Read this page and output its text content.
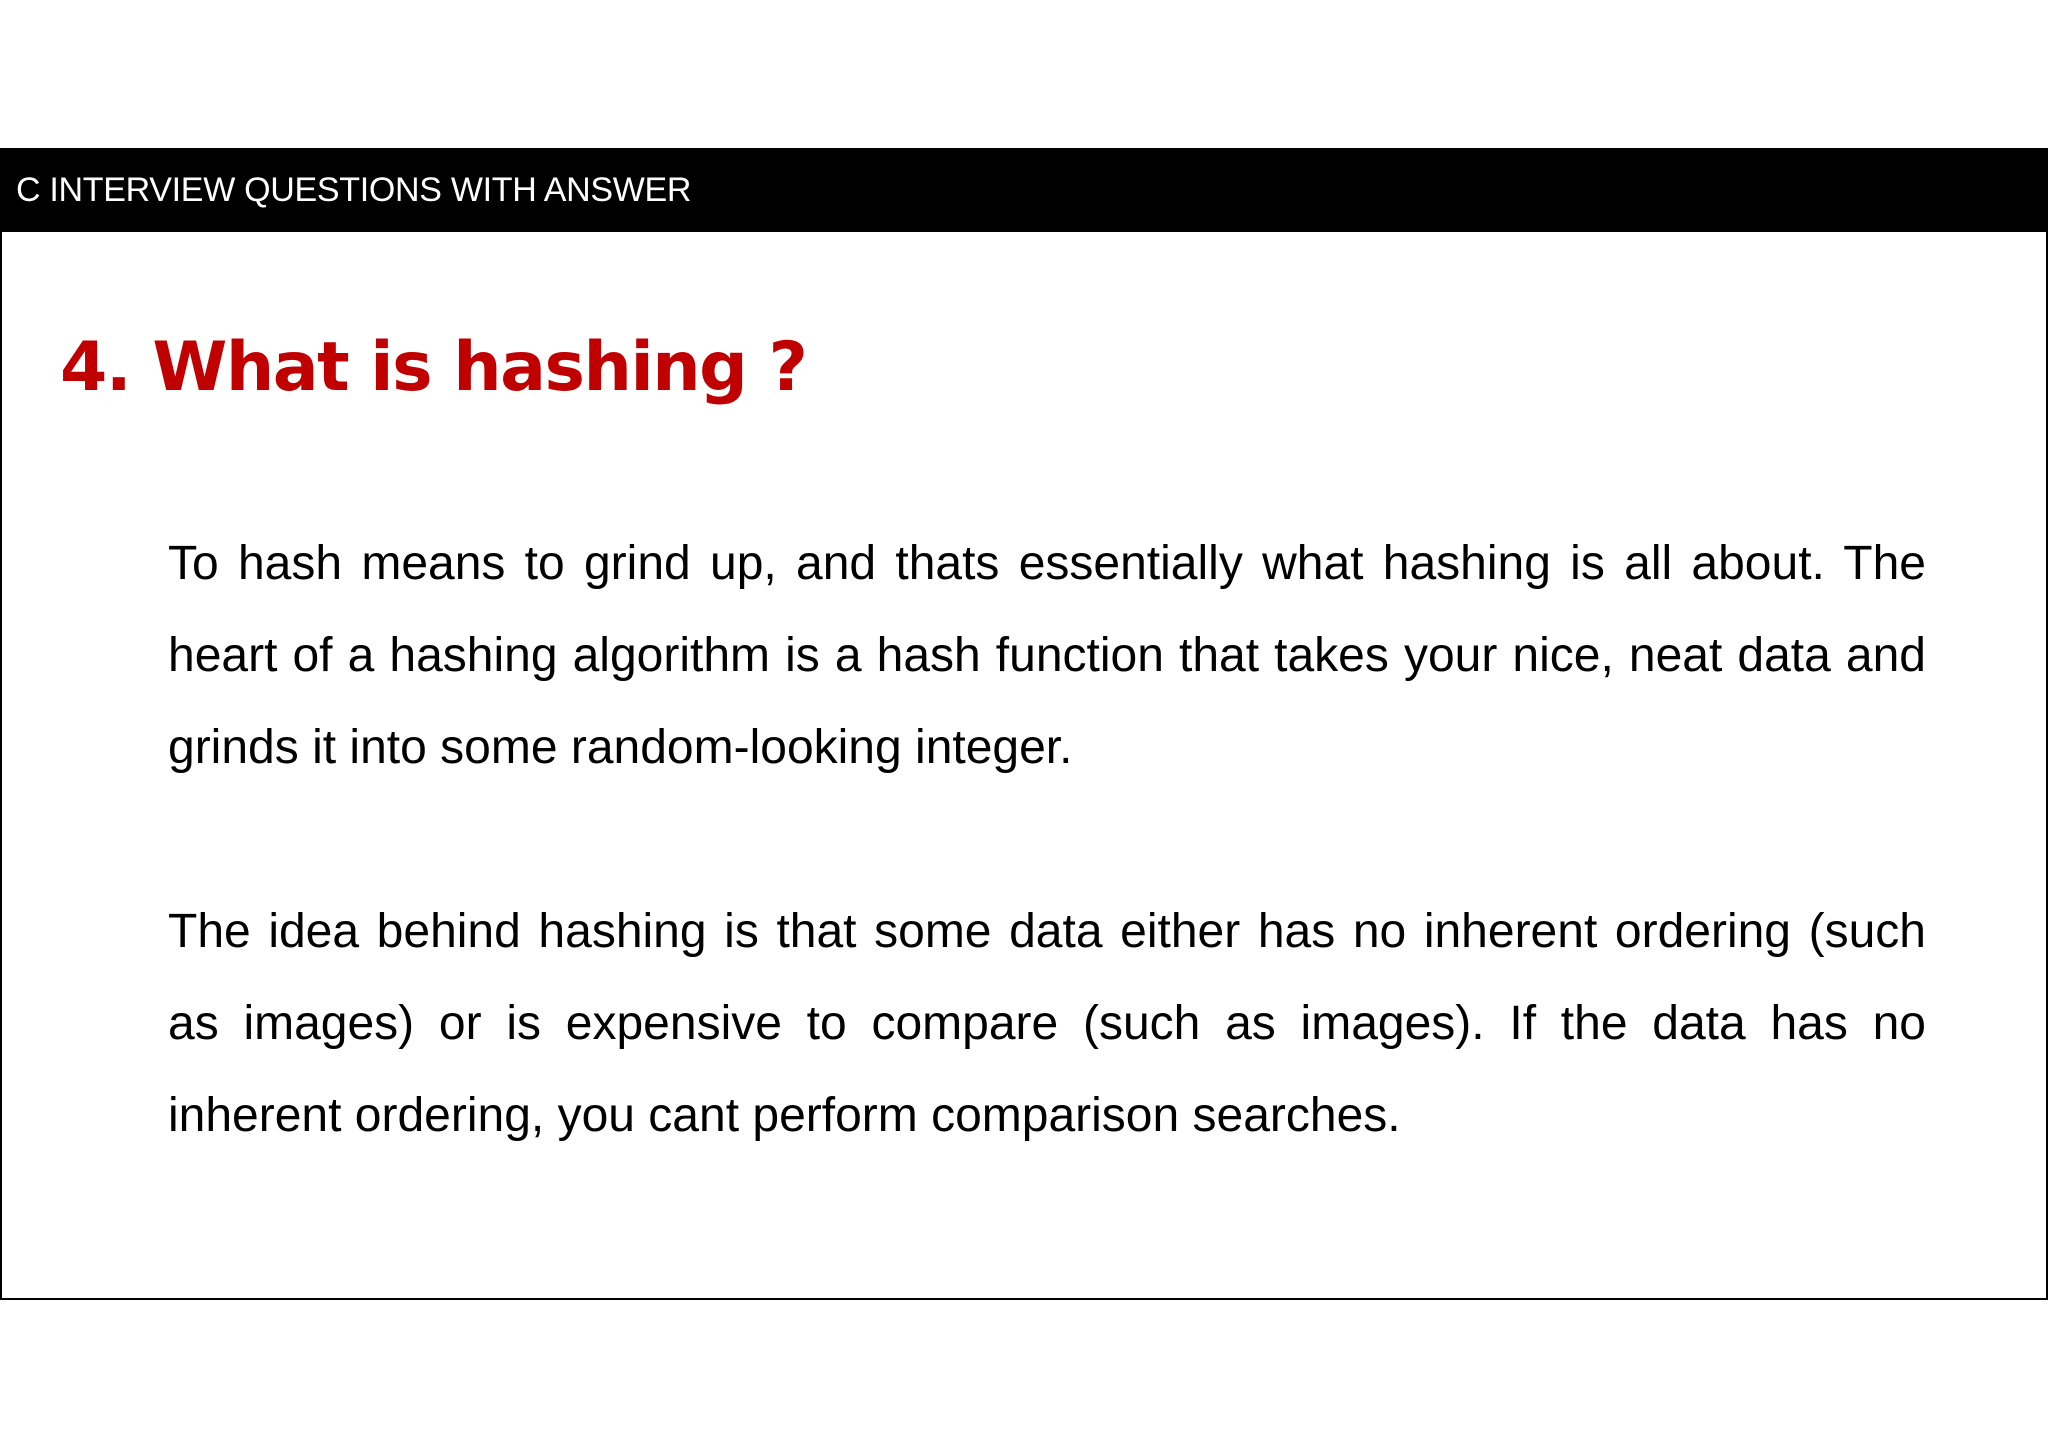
C INTERVIEW QUESTIONS WITH ANSWER
4. What is hashing ?

To hash means to grind up, and thats essentially what hashing is all about. The heart of a hashing algorithm is a hash function that takes your nice, neat data and grinds it into some random-looking integer.

The idea behind hashing is that some data either has no inherent ordering (such as images) or is expensive to compare (such as images). If the data has no inherent ordering, you cant perform comparison searches.
